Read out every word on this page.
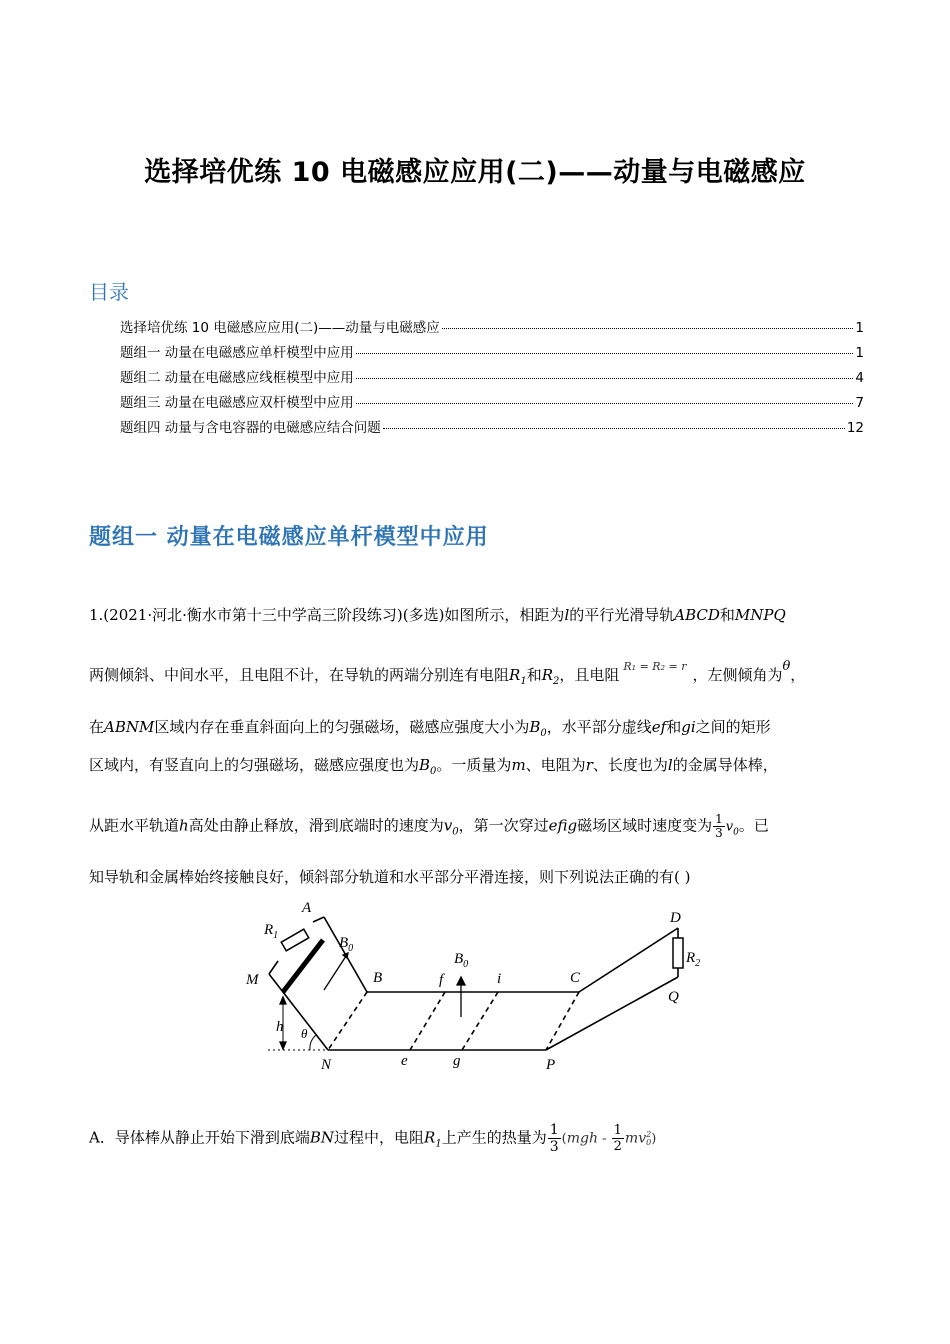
选择培优练 10 电磁感应应用(二)——动量与电磁感应
目录
选择培优练 10 电磁感应应用(二)——动量与电磁感应	1
题组一 动量在电磁感应单杆模型中应用	1
题组二 动量在电磁感应线框模型中应用	4
题组三 动量在电磁感应双杆模型中应用	7
题组四 动量与含电容器的电磁感应结合问题	12
题组一 动量在电磁感应单杆模型中应用
1.(2021·河北·衡水市第十三中学高三阶段练习)(多选)如图所示，相距为l的平行光滑导轨ABCD和MNPQ
两侧倾斜、中间水平，且电阻不计，在导轨的两端分别连有电阻$R_1$和$R_2$，且电阻 $^{R_1 = R_2 = r}$ ，左侧倾角为θ，
在ABNM区域内存在垂直斜面向上的匀强磁场，磁感应强度大小为$B_0$，水平部分虚线ef和gi之间的矩形
区域内，有竖直向上的匀强磁场，磁感应强度也为$B_0$。一质量为m、电阻为r、长度也为l的金属导体棒，
从距水平轨道h高处由静止释放，滑到底端时的速度为$v_0$，第一次穿过efig磁场区域时速度变为 $\frac{1}{3} v_0$。已
知导轨和金属棒始终接触良好，倾斜部分轨道和水平部分平滑连接，则下列说法正确的有( )
A
$R_1$	$B_0$
M	B
h θ
N
$B_0$
f	i
e	g
C
P
D
$R_2$
Q
A．导体棒从静止开始下滑到底端BN过程中，电阻$R_1$上产生的热量为 $\frac{1}{3} (mgh - \frac{1}{2}$ mv 2
0 )
